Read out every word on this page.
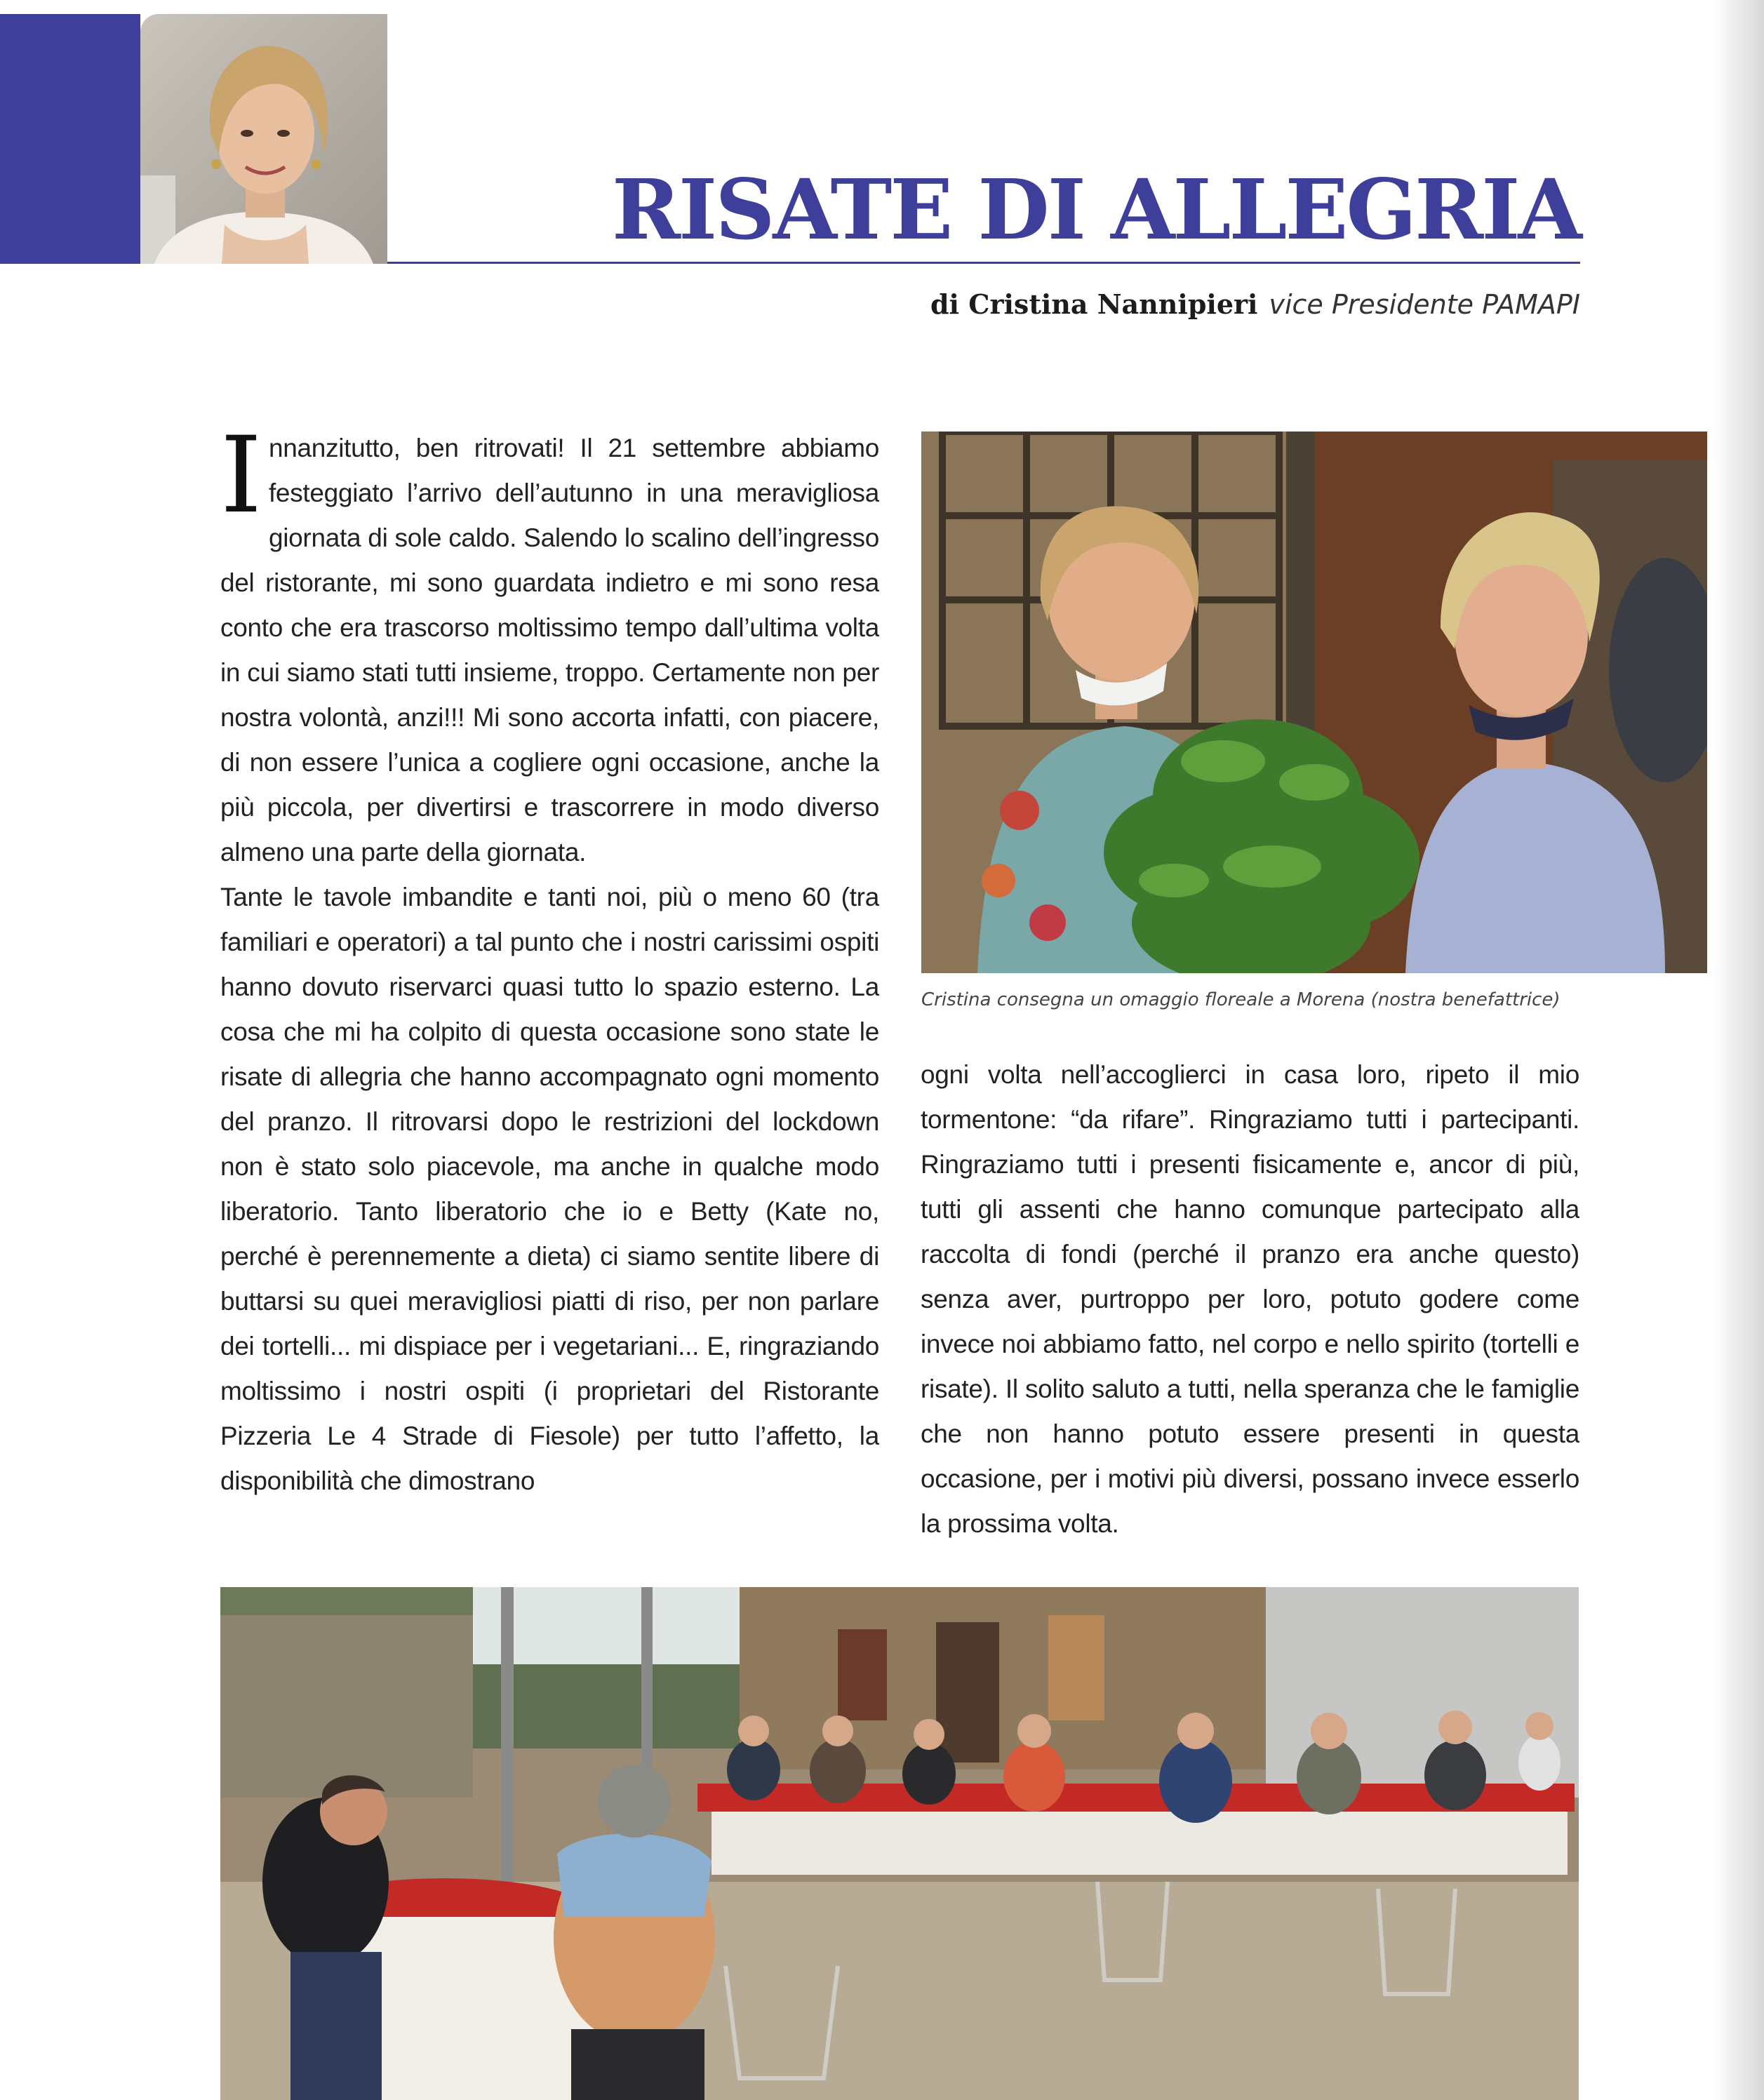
RISATE DI ALLEGRIA
di Cristina Nannipieri vice Presidente PAMAPI

Innanzitutto, ben ritrovati! Il 21 settembre abbiamo festeggiato l’arrivo dell’autunno in una meravigliosa giornata di sole caldo. Salendo lo scalino dell’ingresso del ristorante, mi sono guardata indietro e mi sono resa conto che era trascorso moltissimo tempo dall’ultima volta in cui siamo stati tutti insieme, troppo. Certamente non per nostra volontà, anzi!!! Mi sono accorta infatti, con piacere, di non essere l’unica a cogliere ogni occasione, anche la più piccola, per divertirsi e trascorrere in modo diverso almeno una parte della giornata.

Tante le tavole imbandite e tanti noi, più o meno 60 (tra familiari e operatori) a tal punto che i nostri carissimi ospiti hanno dovuto riservarci quasi tutto lo spazio esterno. La cosa che mi ha colpito di questa occasione sono state le risate di allegria che hanno accompagnato ogni momento del pranzo. Il ritrovarsi dopo le restrizioni del lockdown non è stato solo piacevole, ma anche in qualche modo liberatorio. Tanto liberatorio che io e Betty (Kate no, perché è perennemente a dieta) ci siamo sentite libere di buttarsi su quei meravigliosi piatti di riso, per non parlare dei tortelli... mi dispiace per i vegetariani... E, ringraziando moltissimo i nostri ospiti (i proprietari del Ristorante Pizzeria Le 4 Strade di Fiesole) per tutto l’affetto, la disponibilità che dimostrano

Cristina consegna un omaggio floreale a Morena (nostra benefattrice)

ogni volta nell’accoglierci in casa loro, ripeto il mio tormentone: “da rifare”. Ringraziamo tutti i partecipanti. Ringraziamo tutti i presenti fisicamente e, ancor di più, tutti gli assenti che hanno comunque partecipato alla raccolta di fondi (perché il pranzo era anche questo) senza aver, purtroppo per loro, potuto godere come invece noi abbiamo fatto, nel corpo e nello spirito (tortelli e risate). Il solito saluto a tutti, nella speranza che le famiglie che non hanno potuto essere presenti in questa occasione, per i motivi più diversi, possano invece esserlo la prossima volta.
